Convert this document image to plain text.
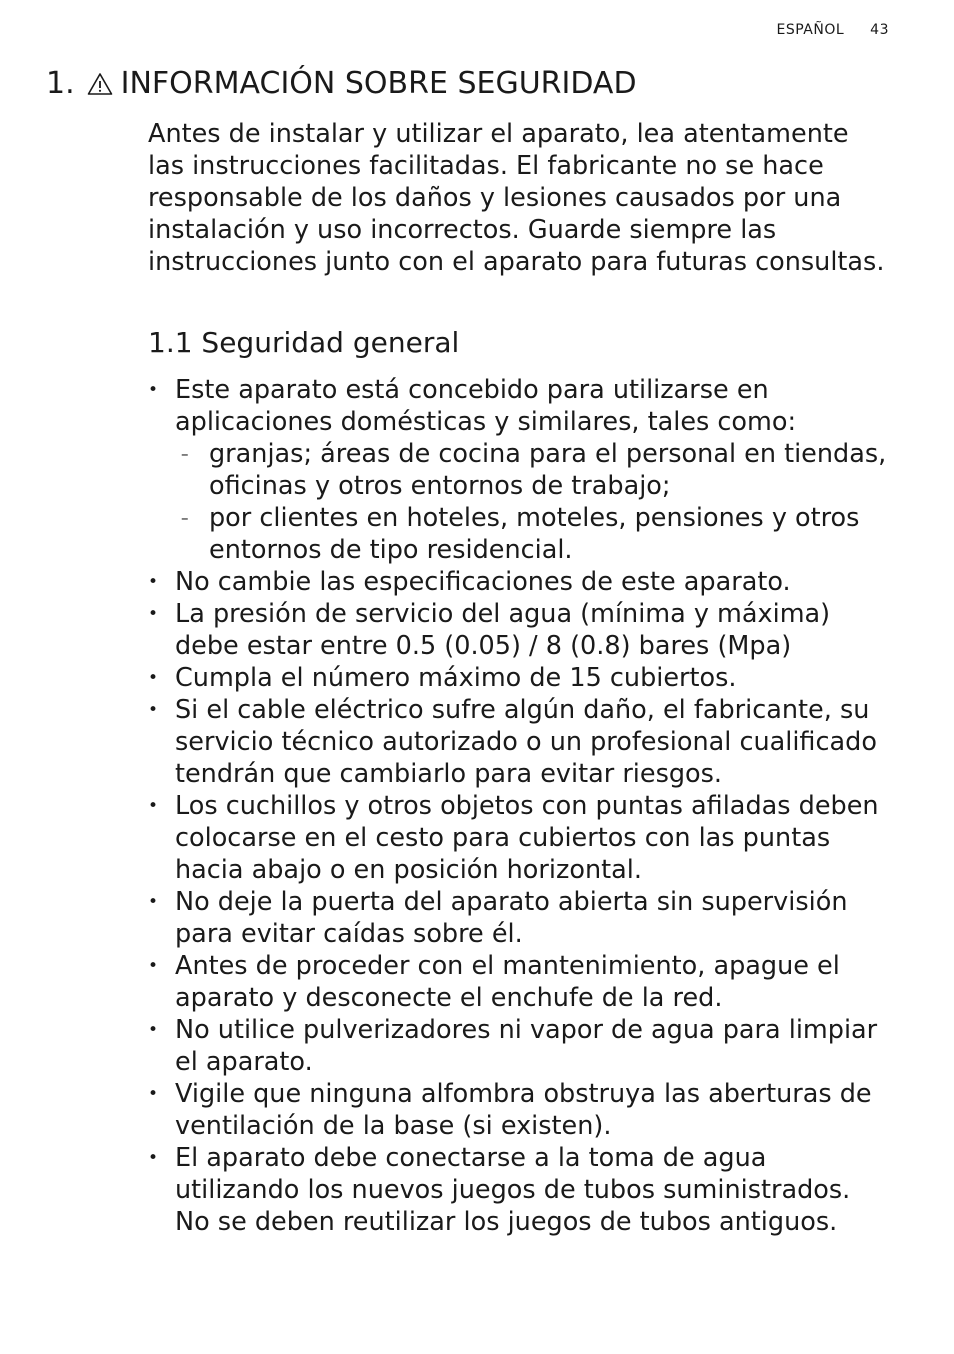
ESPAÑOL 43
1. INFORMACIÓN SOBRE SEGURIDAD

Antes de instalar y utilizar el aparato, lea atentamente las instrucciones facilitadas. El fabricante no se hace responsable de los daños y lesiones causados por una instalación y uso incorrectos. Guarde siempre las instrucciones junto con el aparato para futuras consultas.

1.1 Seguridad general
• Este aparato está concebido para utilizarse en aplicaciones domésticas y similares, tales como:
– granjas; áreas de cocina para el personal en tiendas, oficinas y otros entornos de trabajo;
– por clientes en hoteles, moteles, pensiones y otros entornos de tipo residencial.
• No cambie las especificaciones de este aparato.
• La presión de servicio del agua (mínima y máxima) debe estar entre 0.5 (0.05) / 8 (0.8) bares (Mpa)
• Cumpla el número máximo de 15 cubiertos.
• Si el cable eléctrico sufre algún daño, el fabricante, su servicio técnico autorizado o un profesional cualificado tendrán que cambiarlo para evitar riesgos.
• Los cuchillos y otros objetos con puntas afiladas deben colocarse en el cesto para cubiertos con las puntas hacia abajo o en posición horizontal.
• No deje la puerta del aparato abierta sin supervisión para evitar caídas sobre él.
• Antes de proceder con el mantenimiento, apague el aparato y desconecte el enchufe de la red.
• No utilice pulverizadores ni vapor de agua para limpiar el aparato.
• Vigile que ninguna alfombra obstruya las aberturas de ventilación de la base (si existen).
• El aparato debe conectarse a la toma de agua utilizando los nuevos juegos de tubos suministrados. No se deben reutilizar los juegos de tubos antiguos.
